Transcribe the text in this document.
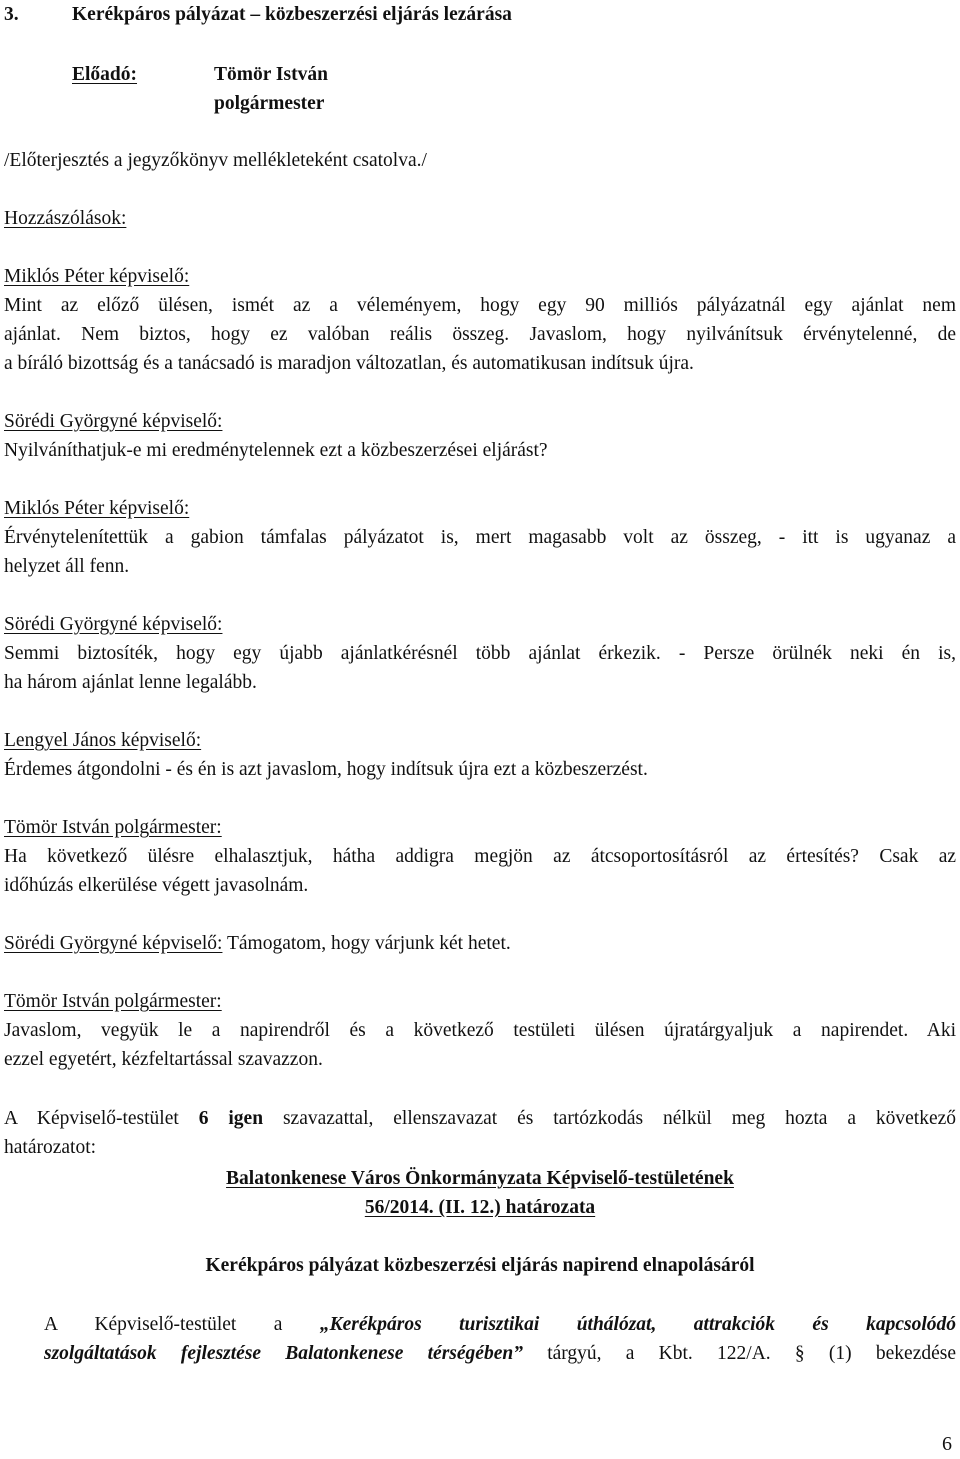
3.	Kerékpáros pályázat – közbeszerzési eljárás lezárása
Előadó:	Tömör István
polgármester
/Előterjesztés a jegyzőkönyv mellékleteként csatolva./
Hozzászólások:
Miklós Péter képviselő:
Mint az előző ülésen, ismét az a véleményem, hogy egy 90 milliós pályázatnál egy ajánlat nem
ajánlat. Nem biztos, hogy ez valóban reális összeg. Javaslom, hogy nyilvánítsuk érvénytelenné, de
a bíráló bizottság és a tanácsadó is maradjon változatlan, és automatikusan indítsuk újra.
Sörédi Györgyné képviselő:
Nyilváníthatjuk-e mi eredménytelennek ezt a közbeszerzései eljárást?
Miklós Péter képviselő:
Érvénytelenítettük a gabion támfalas pályázatot is, mert magasabb volt az összeg, - itt is ugyanaz a
helyzet áll fenn.
Sörédi Györgyné képviselő:
Semmi biztosíték, hogy egy újabb ajánlatkérésnél több ajánlat érkezik. - Persze örülnék neki én is,
ha három ajánlat lenne legalább.
Lengyel János képviselő:
Érdemes átgondolni - és én is azt javaslom, hogy indítsuk újra ezt a közbeszerzést.
Tömör István polgármester:
Ha következő ülésre elhalasztjuk, hátha addigra megjön az átcsoportosításról az értesítés? Csak az
időhúzás elkerülése végett javasolnám.
Sörédi Györgyné képviselő: Támogatom, hogy várjunk két hetet.
Tömör István polgármester:
Javaslom, vegyük le a napirendről és a következő testületi ülésen újratárgyaljuk a napirendet. Aki
ezzel egyetért, kézfeltartással szavazzon.
A Képviselő-testület 6 igen szavazattal, ellenszavazat és tartózkodás nélkül meg hozta a következő
határozatot:
Balatonkenese Város Önkormányzata Képviselő-testületének
56/2014. (II. 12.) határozata
Kerékpáros pályázat közbeszerzési eljárás napirend elnapolásáról
A Képviselő-testület a „Kerékpáros turisztikai úthálózat, attrakciók és kapcsolódó
szolgáltatások fejlesztése Balatonkenese térségében” tárgyú, a Kbt. 122/A. § (1) bekezdése
6
